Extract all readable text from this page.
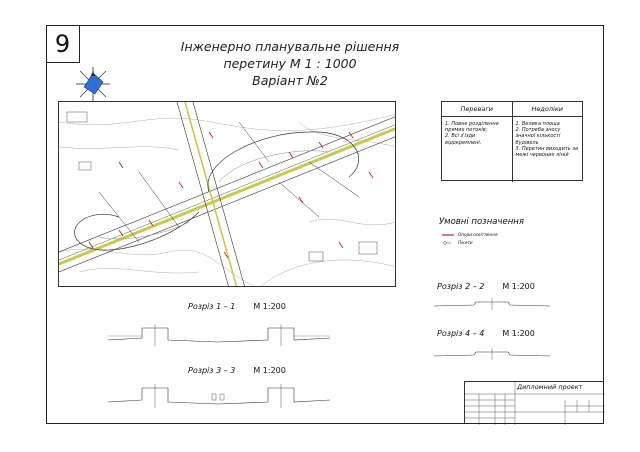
9	Інженерно планувальне рішення
перетину М 1 : 1000
Варіант №2
Переваги	Недоліки
1. Повне розділення прямих потоків;
2. Всі з'їзди відокремлені.
1. Велика площа
2. Потреба зносу значної кількості будівель
3. Перетин виходить за межі червоних ліній
Умовні позначення
Опори освітлення
Пікети
Розріз 1 – 1 М 1:200
Розріз 3 – 3 М 1:200
Розріз 2 – 2 М 1:200
Розріз 4 – 4 М 1:200
Дипломний проект
